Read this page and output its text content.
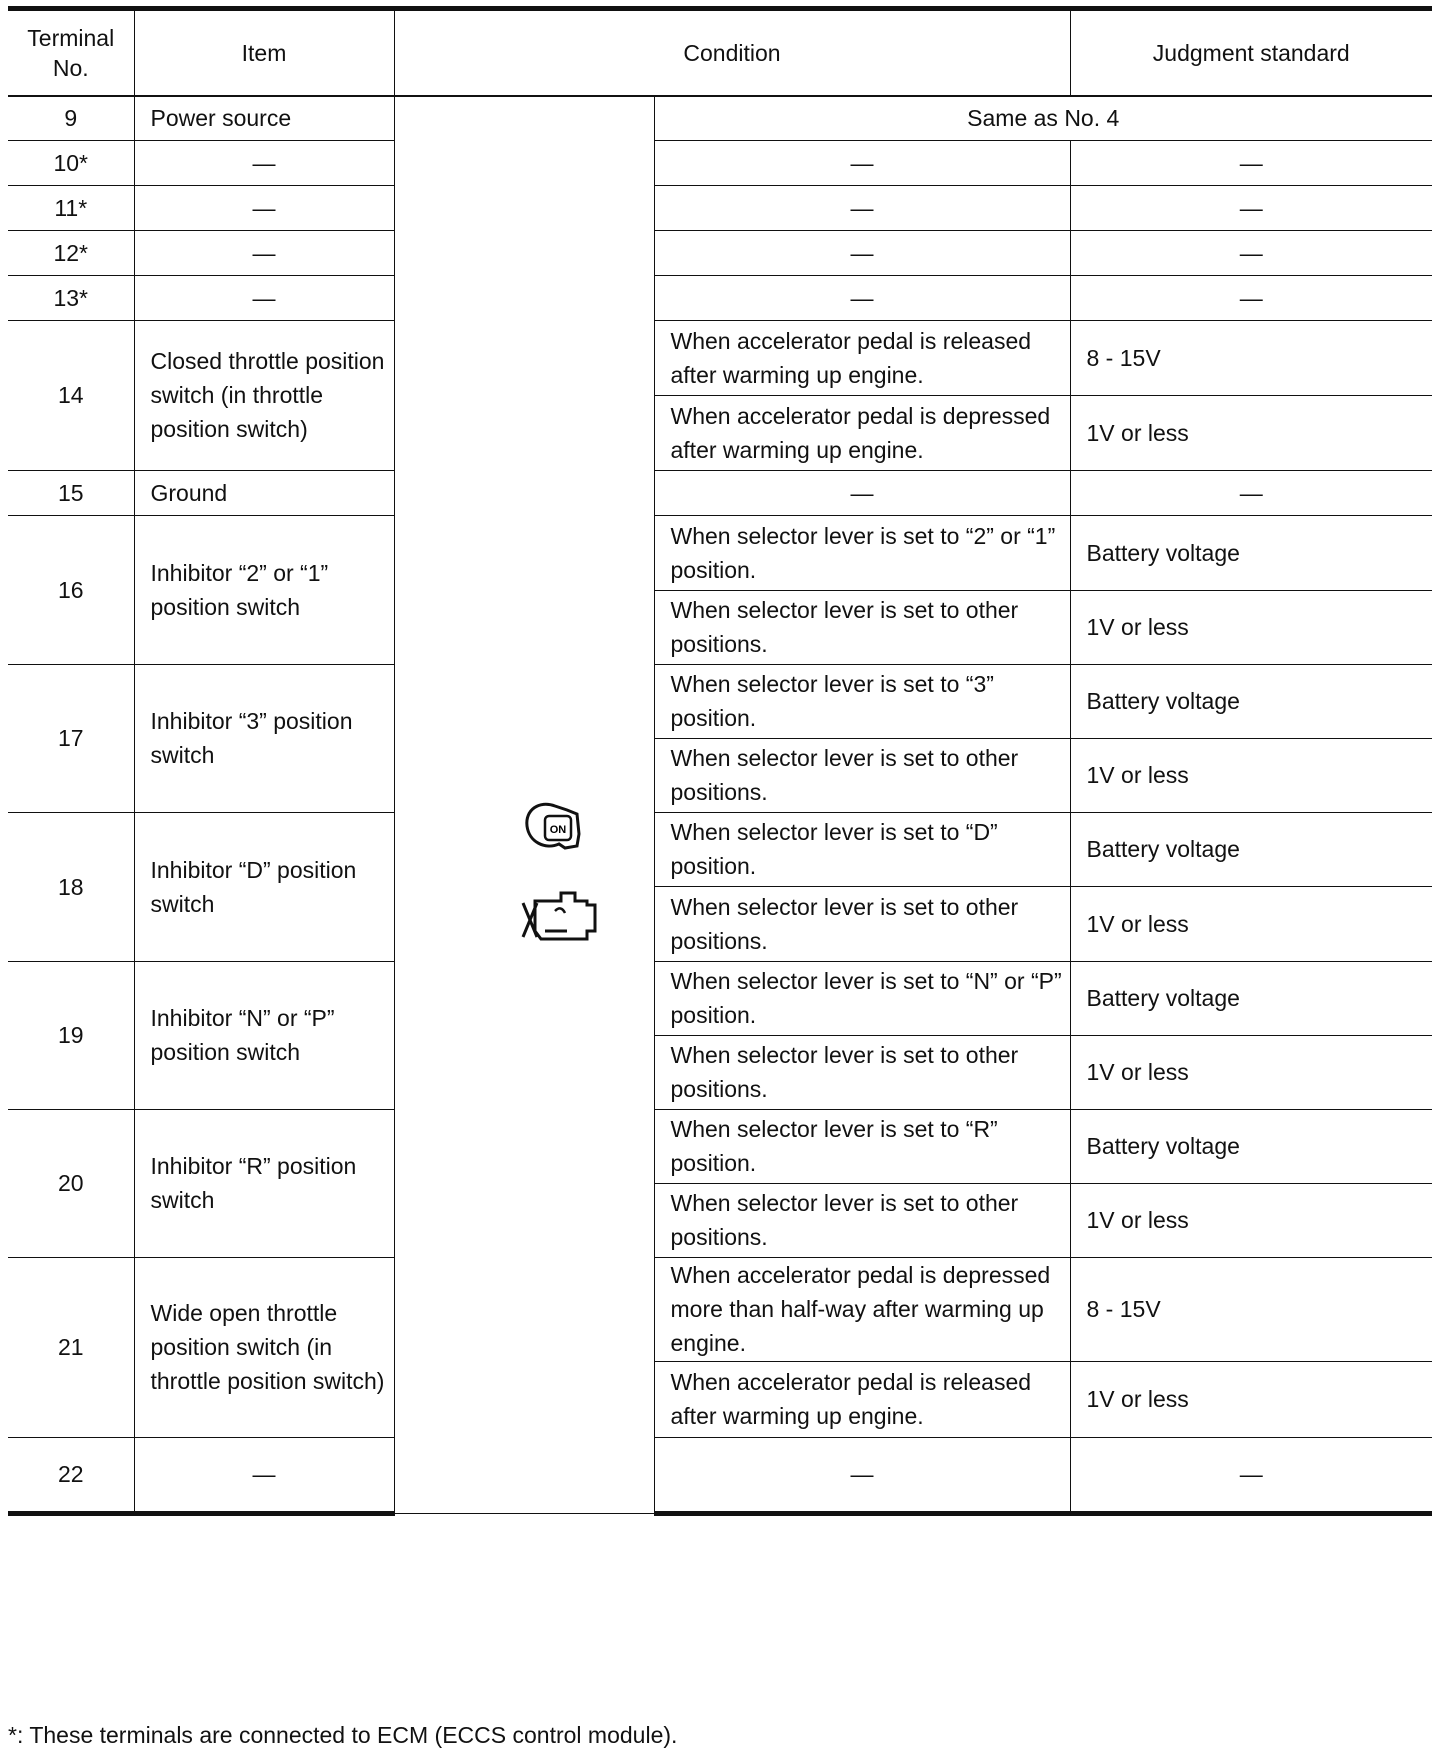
Terminal No.	Item	Condition		Judgment standard
9	Power source	ON	Same as No. 4	
10*	—		—	—
11*	—		—	—
12*	—		—	—
13*	—		—	—
14	Closed throttle position switch (in throttle position switch)		When accelerator pedal is released after warming up engine.	8 - 15V
			When accelerator pedal is depressed after warming up engine.	1V or less
15	Ground		—	—
16	Inhibitor “2” or “1” position switch		When selector lever is set to “2” or “1” position.	Battery voltage
			When selector lever is set to other positions.	1V or less
17	Inhibitor “3” position switch		When selector lever is set to “3” position.	Battery voltage
			When selector lever is set to other positions.	1V or less
18	Inhibitor “D” position switch		When selector lever is set to “D” position.	Battery voltage
			When selector lever is set to other positions.	1V or less
19	Inhibitor “N” or “P” position switch		When selector lever is set to “N” or “P” position.	Battery voltage
			When selector lever is set to other positions.	1V or less
20	Inhibitor “R” position switch		When selector lever is set to “R” position.	Battery voltage
			When selector lever is set to other positions.	1V or less
21	Wide open throttle position switch (in throttle position switch)		When accelerator pedal is depressed more than half-way after warming up engine.	8 - 15V
			When accelerator pedal is released after warming up engine.	1V or less
22	—		—	—
*: These terminals are connected to ECM (ECCS control module).
